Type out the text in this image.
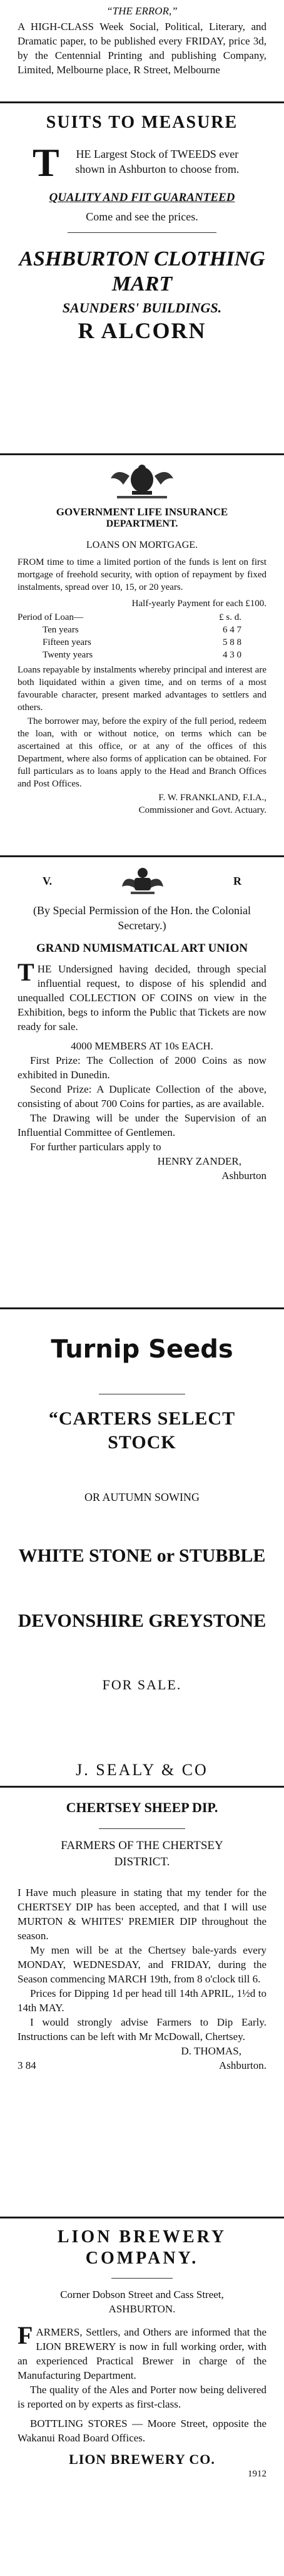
“THE ERROR,”

A HIGH-CLASS Week Social, Political, Literary, and Dramatic paper, to be published every FRIDAY, price 3d, by the Centennial Printing and publishing Company, Limited, Melbourne place, R Street, Melbourne

SUITS TO MEASURE

T	HE Largest Stock of TWEEDS ever shown in Ashburton to choose from.

QUALITY AND FIT GUARANTEED

Come and see the prices.

ASHBURTON CLOTHING MART

SAUNDERS' BUILDINGS.

R ALCORN

GOVERNMENT LIFE INSURANCE

DEPARTMENT.

LOANS ON MORTGAGE.

FROM time to time a limited portion of the funds is lent on first mortgage of freehold security, with option of repayment by fixed instalments, spread over 10, 15, or 20 years.

Half-yearly Payment for each £100.

Period of Loan—	£ s. d.
Ten years	6 4 7
Fifteen years	5 8 8
Twenty years	4 3 0

Loans repayable by instalments whereby principal and interest are both liquidated within a given time, and on terms of a most favourable character, present marked advantages to settlers and others.

The borrower may, before the expiry of the full period, redeem the loan, with or without notice, on terms which can be ascertained at this office, or at any of the offices of this Department, where also forms of application can be obtained. For full particulars as to loans apply to the Head and Branch Offices and Post Offices.

F. W. FRANKLAND, F.I.A.,

Commissioner and Govt. Actuary.

V.	R

(By Special Permission of the Hon. the Colonial Secretary.)

GRAND NUMISMATICAL ART UNION

T HE Undersigned having decided, through special influential request, to dispose of his splendid and unequalled COLLECTION OF COINS on view in the Exhibition, begs to inform the Public that Tickets are now ready for sale.

4000 MEMBERS AT 10s EACH.

First Prize: The Collection of 2000 Coins as now exhibited in Dunedin.

Second Prize: A Duplicate Collection of the above, consisting of about 700 Coins for parties, as are available.

The Drawing will be under the Supervision of an Influential Committee of Gentlemen.

For further particulars apply to

HENRY ZANDER,

Ashburton

Turnip Seeds

“CARTERS SELECT STOCK

OR AUTUMN SOWING

WHITE STONE or STUBBLE

DEVONSHIRE GREYSTONE

FOR SALE.

J. SEALY & CO

CHERTSEY SHEEP DIP.

FARMERS OF THE CHERTSEY DISTRICT.

I Have much pleasure in stating that my tender for the CHERTSEY DIP has been accepted, and that I will use MURTON & WHITES' PREMIER DIP throughout the season.

My men will be at the Chertsey bale-yards every MONDAY, WEDNESDAY, and FRIDAY, during the Season commencing MARCH 19th, from 8 o'clock till 6.

Prices for Dipping 1d per head till 14th APRIL, 1½d to 14th MAY.

I would strongly advise Farmers to Dip Early. Instructions can be left with Mr McDowall, Chertsey.

D. THOMAS,

3 84	Ashburton.

LION BREWERY

COMPANY.

Corner Dobson Street and Cass Street,

ASHBURTON.

F ARMERS, Settlers, and Others are informed that the LION BREWERY is now in full working order, with an experienced Practical Brewer in charge of the Manufacturing Department.

The quality of the Ales and Porter now being delivered is reported on by experts as first-class.

BOTTLING STORES — Moore Street, opposite the Wakanui Road Board Offices.

LION BREWERY CO.

1912
